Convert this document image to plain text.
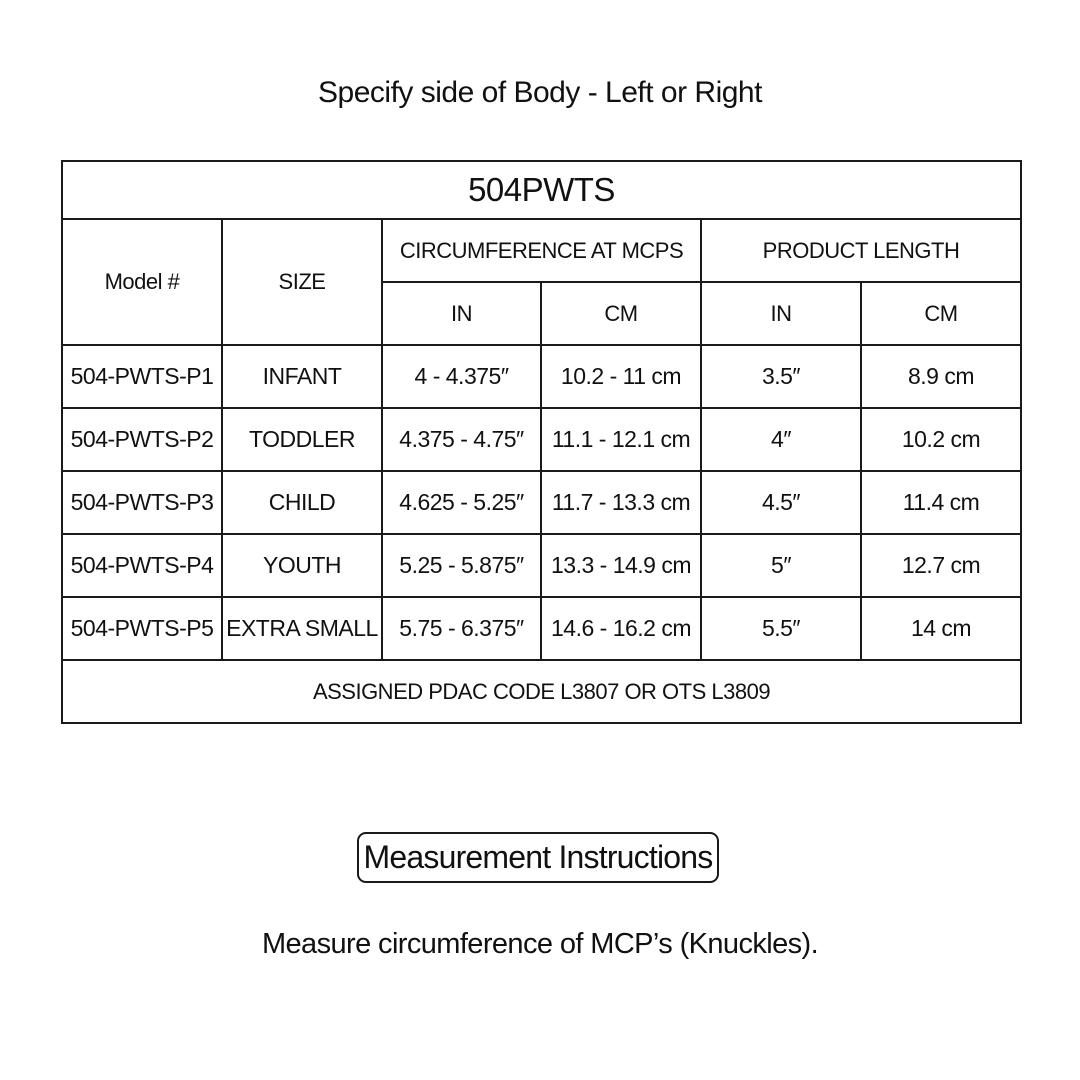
Specify side of Body - Left or Right
504PWTS					
Model #	SIZE	CIRCUMFERENCE AT MCPS		PRODUCT LENGTH	
		IN	CM	IN	CM
504-PWTS-P1	INFANT	4 - 4.375″	10.2 - 11 cm	3.5″	8.9 cm
504-PWTS-P2	TODDLER	4.375 - 4.75″	11.1 - 12.1 cm	4″	10.2 cm
504-PWTS-P3	CHILD	4.625 - 5.25″	11.7 - 13.3 cm	4.5″	11.4 cm
504-PWTS-P4	YOUTH	5.25 - 5.875″	13.3 - 14.9 cm	5″	12.7 cm
504-PWTS-P5	EXTRA SMALL	5.75 - 6.375″	14.6 - 16.2 cm	5.5″	14 cm
ASSIGNED PDAC CODE L3807 OR OTS L3809					
Measurement Instructions
Measure circumference of MCP’s (Knuckles).
